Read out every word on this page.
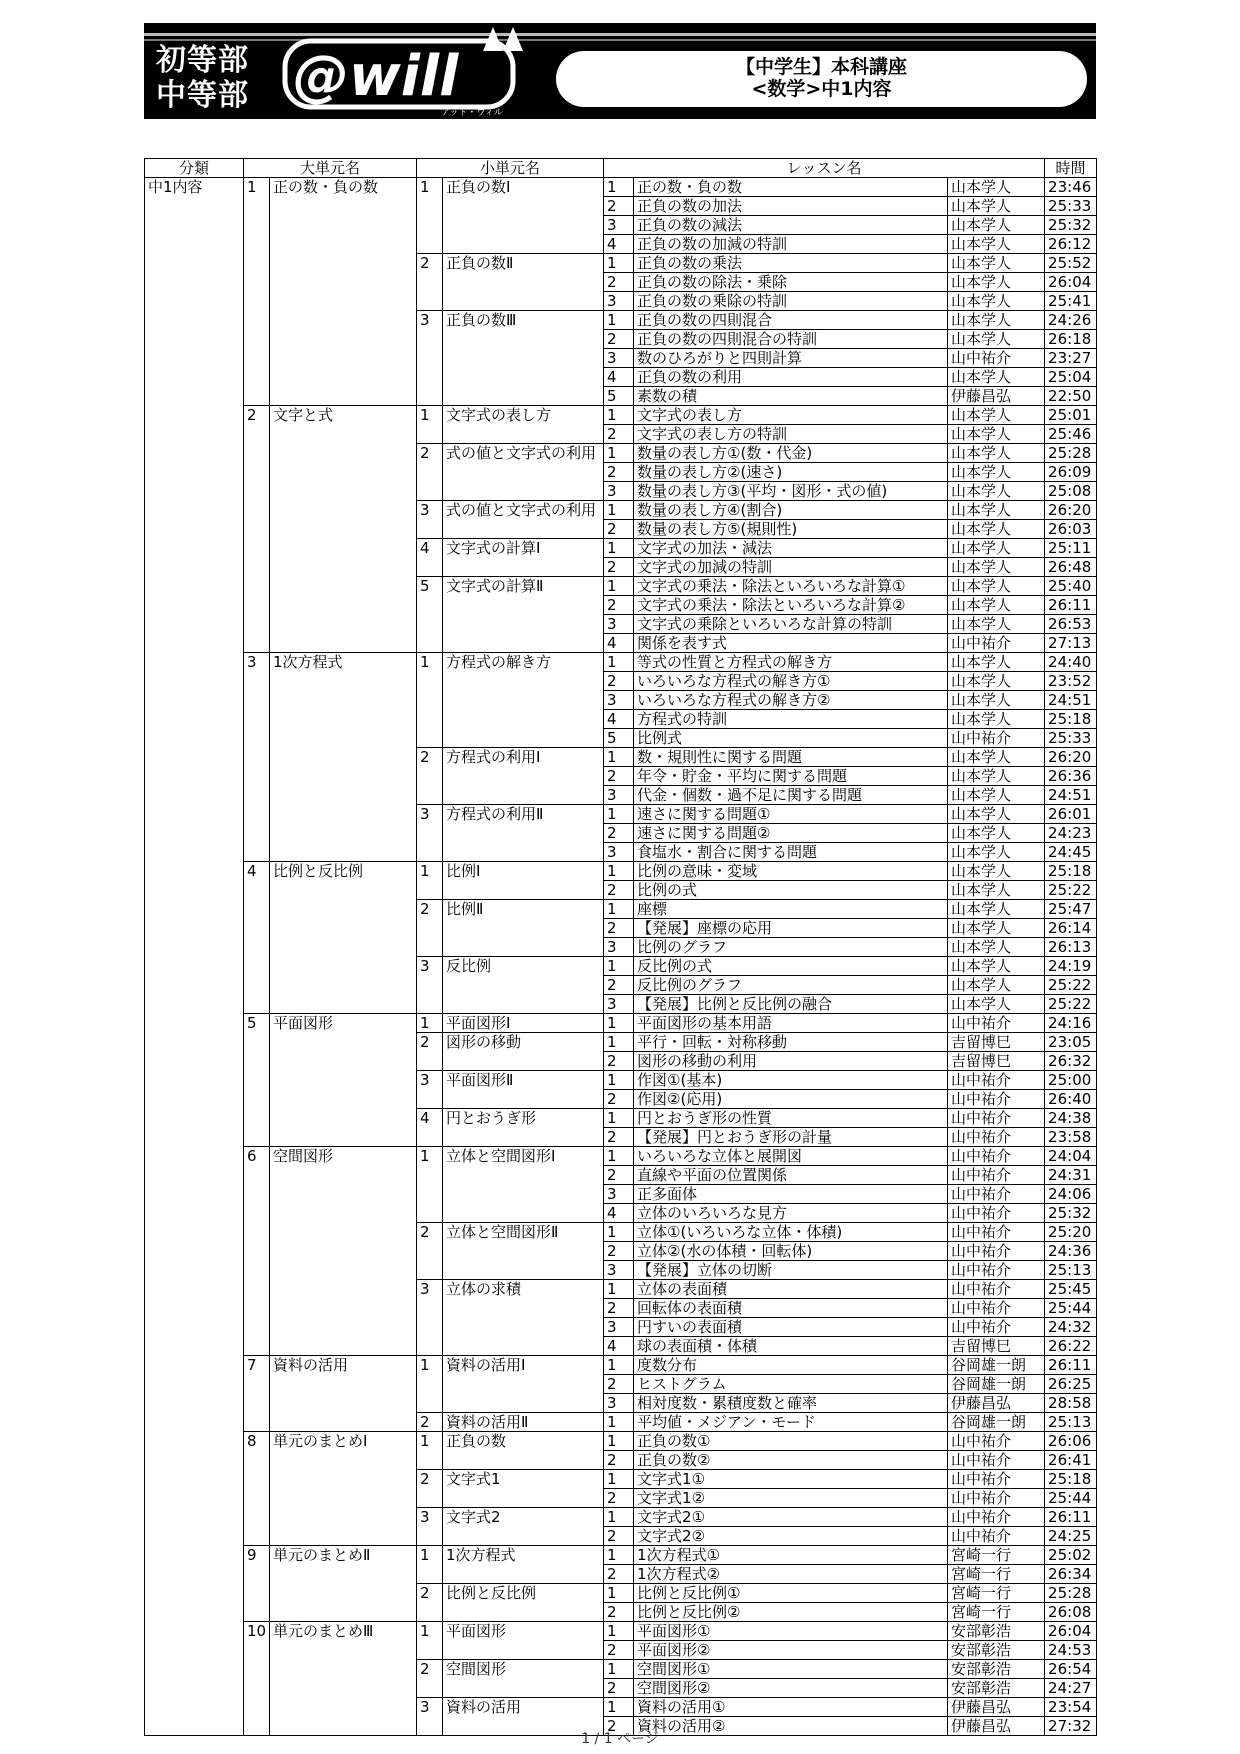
初等部
中等部 @will
アット・ウィル
【中学生】本科講座
<数学>中1内容
分類	大単元名		小単元名		レッスン名			時間
中1内容	1	正の数・負の数	1	正負の数Ⅰ	1	正の数・負の数	山本学人	23:46
					2	正負の数の加法	山本学人	25:33
					3	正負の数の減法	山本学人	25:32
					4	正負の数の加減の特訓	山本学人	26:12
			2	正負の数Ⅱ	1	正負の数の乗法	山本学人	25:52
					2	正負の数の除法・乗除	山本学人	26:04
					3	正負の数の乗除の特訓	山本学人	25:41
			3	正負の数Ⅲ	1	正負の数の四則混合	山本学人	24:26
					2	正負の数の四則混合の特訓	山本学人	26:18
					3	数のひろがりと四則計算	山中祐介	23:27
					4	正負の数の利用	山本学人	25:04
					5	素数の積	伊藤昌弘	22:50
	2	文字と式	1	文字式の表し方	1	文字式の表し方	山本学人	25:01
					2	文字式の表し方の特訓	山本学人	25:46
			2	式の値と文字式の利用	1	数量の表し方①(数・代金)	山本学人	25:28
					2	数量の表し方②(速さ)	山本学人	26:09
					3	数量の表し方③(平均・図形・式の値)	山本学人	25:08
			3	式の値と文字式の利用	1	数量の表し方④(割合)	山本学人	26:20
					2	数量の表し方⑤(規則性)	山本学人	26:03
			4	文字式の計算Ⅰ	1	文字式の加法・減法	山本学人	25:11
					2	文字式の加減の特訓	山本学人	26:48
			5	文字式の計算Ⅱ	1	文字式の乗法・除法といろいろな計算①	山本学人	25:40
					2	文字式の乗法・除法といろいろな計算②	山本学人	26:11
					3	文字式の乗除といろいろな計算の特訓	山本学人	26:53
					4	関係を表す式	山中祐介	27:13
	3	1次方程式	1	方程式の解き方	1	等式の性質と方程式の解き方	山本学人	24:40
					2	いろいろな方程式の解き方①	山本学人	23:52
					3	いろいろな方程式の解き方②	山本学人	24:51
					4	方程式の特訓	山本学人	25:18
					5	比例式	山中祐介	25:33
			2	方程式の利用Ⅰ	1	数・規則性に関する問題	山本学人	26:20
					2	年令・貯金・平均に関する問題	山本学人	26:36
					3	代金・個数・過不足に関する問題	山本学人	24:51
			3	方程式の利用Ⅱ	1	速さに関する問題①	山本学人	26:01
					2	速さに関する問題②	山本学人	24:23
					3	食塩水・割合に関する問題	山本学人	24:45
	4	比例と反比例	1	比例Ⅰ	1	比例の意味・変域	山本学人	25:18
					2	比例の式	山本学人	25:22
			2	比例Ⅱ	1	座標	山本学人	25:47
					2	【発展】座標の応用	山本学人	26:14
					3	比例のグラフ	山本学人	26:13
			3	反比例	1	反比例の式	山本学人	24:19
					2	反比例のグラフ	山本学人	25:22
					3	【発展】比例と反比例の融合	山本学人	25:22
	5	平面図形	1	平面図形Ⅰ	1	平面図形の基本用語	山中祐介	24:16
			2	図形の移動	1	平行・回転・対称移動	吉留博巳	23:05
					2	図形の移動の利用	吉留博巳	26:32
			3	平面図形Ⅱ	1	作図①(基本)	山中祐介	25:00
					2	作図②(応用)	山中祐介	26:40
			4	円とおうぎ形	1	円とおうぎ形の性質	山中祐介	24:38
					2	【発展】円とおうぎ形の計量	山中祐介	23:58
	6	空間図形	1	立体と空間図形Ⅰ	1	いろいろな立体と展開図	山中祐介	24:04
					2	直線や平面の位置関係	山中祐介	24:31
					3	正多面体	山中祐介	24:06
					4	立体のいろいろな見方	山中祐介	25:32
			2	立体と空間図形Ⅱ	1	立体①(いろいろな立体・体積)	山中祐介	25:20
					2	立体②(水の体積・回転体)	山中祐介	24:36
					3	【発展】立体の切断	山中祐介	25:13
			3	立体の求積	1	立体の表面積	山中祐介	25:45
					2	回転体の表面積	山中祐介	25:44
					3	円すいの表面積	山中祐介	24:32
					4	球の表面積・体積	吉留博巳	26:22
	7	資料の活用	1	資料の活用Ⅰ	1	度数分布	谷岡雄一朗	26:11
					2	ヒストグラム	谷岡雄一朗	26:25
					3	相対度数・累積度数と確率	伊藤昌弘	28:58
			2	資料の活用Ⅱ	1	平均値・メジアン・モード	谷岡雄一朗	25:13
	8	単元のまとめⅠ	1	正負の数	1	正負の数①	山中祐介	26:06
					2	正負の数②	山中祐介	26:41
			2	文字式1	1	文字式1①	山中祐介	25:18
					2	文字式1②	山中祐介	25:44
			3	文字式2	1	文字式2①	山中祐介	26:11
					2	文字式2②	山中祐介	24:25
	9	単元のまとめⅡ	1	1次方程式	1	1次方程式①	宮崎一行	25:02
					2	1次方程式②	宮崎一行	26:34
			2	比例と反比例	1	比例と反比例①	宮崎一行	25:28
					2	比例と反比例②	宮崎一行	26:08
	10	単元のまとめⅢ	1	平面図形	1	平面図形①	安部彰浩	26:04
					2	平面図形②	安部彰浩	24:53
			2	空間図形	1	空間図形①	安部彰浩	26:54
					2	空間図形②	安部彰浩	24:27
			3	資料の活用	1	資料の活用①	伊藤昌弘	23:54
					2	資料の活用②	伊藤昌弘	27:32
1 / 1 ページ
